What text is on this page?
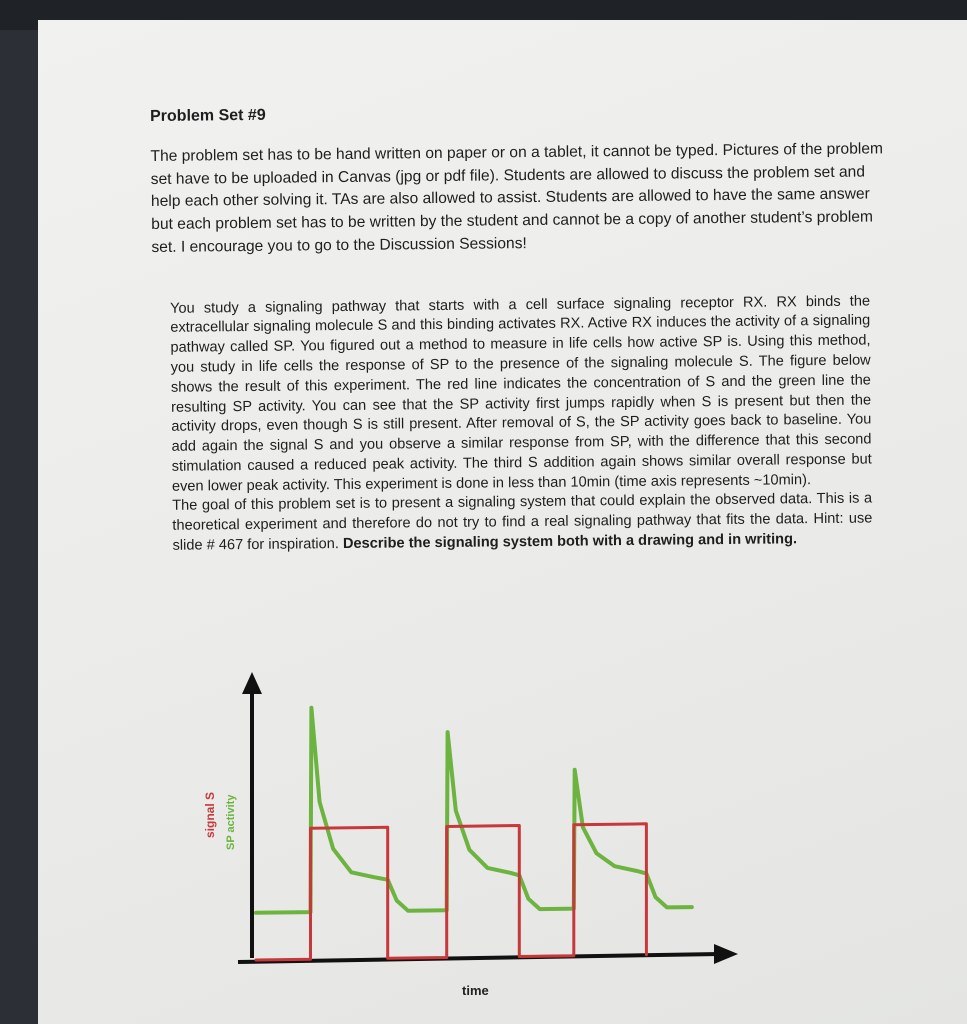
Problem Set #9

The problem set has to be hand written on paper or on a tablet, it cannot be typed. Pictures of the problem set have to be uploaded in Canvas (jpg or pdf file). Students are allowed to discuss the problem set and help each other solving it. TAs are also allowed to assist. Students are allowed to have the same answer but each problem set has to be written by the student and cannot be a copy of another student’s problem set. I encourage you to go to the Discussion Sessions!

You study a signaling pathway that starts with a cell surface signaling receptor RX. RX binds the extracellular signaling molecule S and this binding activates RX. Active RX induces the activity of a signaling pathway called SP. You figured out a method to measure in life cells how active SP is. Using this method, you study in life cells the response of SP to the presence of the signaling molecule S. The figure below shows the result of this experiment. The red line indicates the concentration of S and the green line the resulting SP activity. You can see that the SP activity first jumps rapidly when S is present but then the activity drops, even though S is still present. After removal of S, the SP activity goes back to baseline. You add again the signal S and you observe a similar response from SP, with the difference that this second stimulation caused a reduced peak activity. The third S addition again shows similar overall response but even lower peak activity. This experiment is done in less than 10min (time axis represents ~10min).
The goal of this problem set is to present a signaling system that could explain the observed data. This is a theoretical experiment and therefore do not try to find a real signaling pathway that fits the data. Hint: use slide # 467 for inspiration. Describe the signaling system both with a drawing and in writing.

time
signal S SP activity
